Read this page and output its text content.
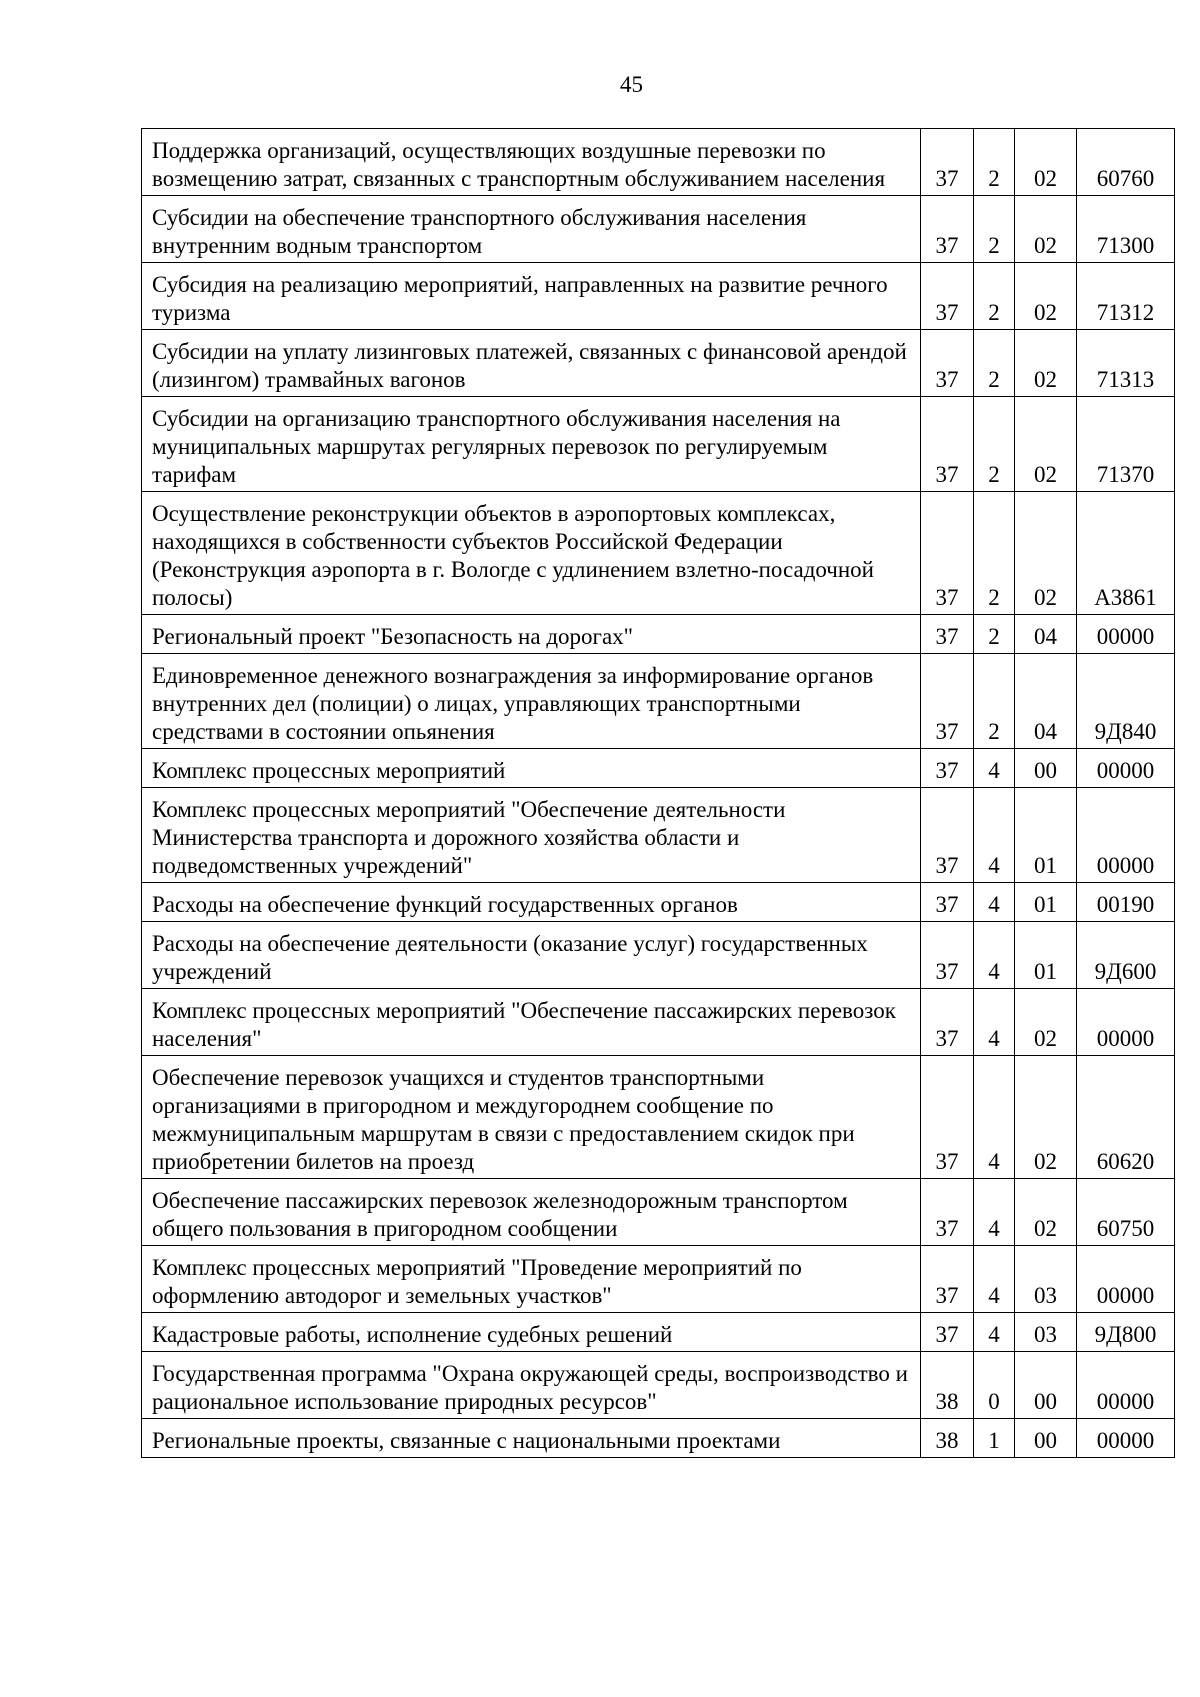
45
Поддержка организаций, осуществляющих воздушные перевозки по возмещению затрат, связанных с транспортным обслуживанием населения	37	2	02	60760
Субсидии на обеспечение транспортного обслуживания населения внутренним водным транспортом	37	2	02	71300
Субсидия на реализацию мероприятий, направленных на развитие речного туризма	37	2	02	71312
Субсидии на уплату лизинговых платежей, связанных с финансовой арендой (лизингом) трамвайных вагонов	37	2	02	71313
Субсидии на организацию транспортного обслуживания населения на муниципальных маршрутах регулярных перевозок по регулируемым тарифам	37	2	02	71370
Осуществление реконструкции объектов в аэропортовых комплексах, находящихся в собственности субъектов Российской Федерации (Реконструкция аэропорта в г. Вологде с удлинением взлетно-посадочной полосы)	37	2	02	А3861
Региональный проект "Безопасность на дорогах"	37	2	04	00000
Единовременное денежного вознаграждения за информирование органов внутренних дел (полиции) о лицах, управляющих транспортными средствами в состоянии опьянения	37	2	04	9Д840
Комплекс процессных мероприятий	37	4	00	00000
Комплекс процессных мероприятий "Обеспечение деятельности Министерства транспорта и дорожного хозяйства области и подведомственных учреждений"	37	4	01	00000
Расходы на обеспечение функций государственных органов	37	4	01	00190
Расходы на обеспечение деятельности (оказание услуг) государственных учреждений	37	4	01	9Д600
Комплекс процессных мероприятий "Обеспечение пассажирских перевозок населения"	37	4	02	00000
Обеспечение перевозок учащихся и студентов транспортными организациями в пригородном и междугороднем сообщение по межмуниципальным маршрутам в связи с предоставлением скидок при приобретении билетов на проезд	37	4	02	60620
Обеспечение пассажирских перевозок железнодорожным транспортом общего пользования в пригородном сообщении	37	4	02	60750
Комплекс процессных мероприятий "Проведение мероприятий по оформлению автодорог и земельных участков"	37	4	03	00000
Кадастровые работы, исполнение судебных решений	37	4	03	9Д800
Государственная программа "Охрана окружающей среды, воспроизводство и рациональное использование природных ресурсов"	38	0	00	00000
Региональные проекты, связанные с национальными проектами	38	1	00	00000
